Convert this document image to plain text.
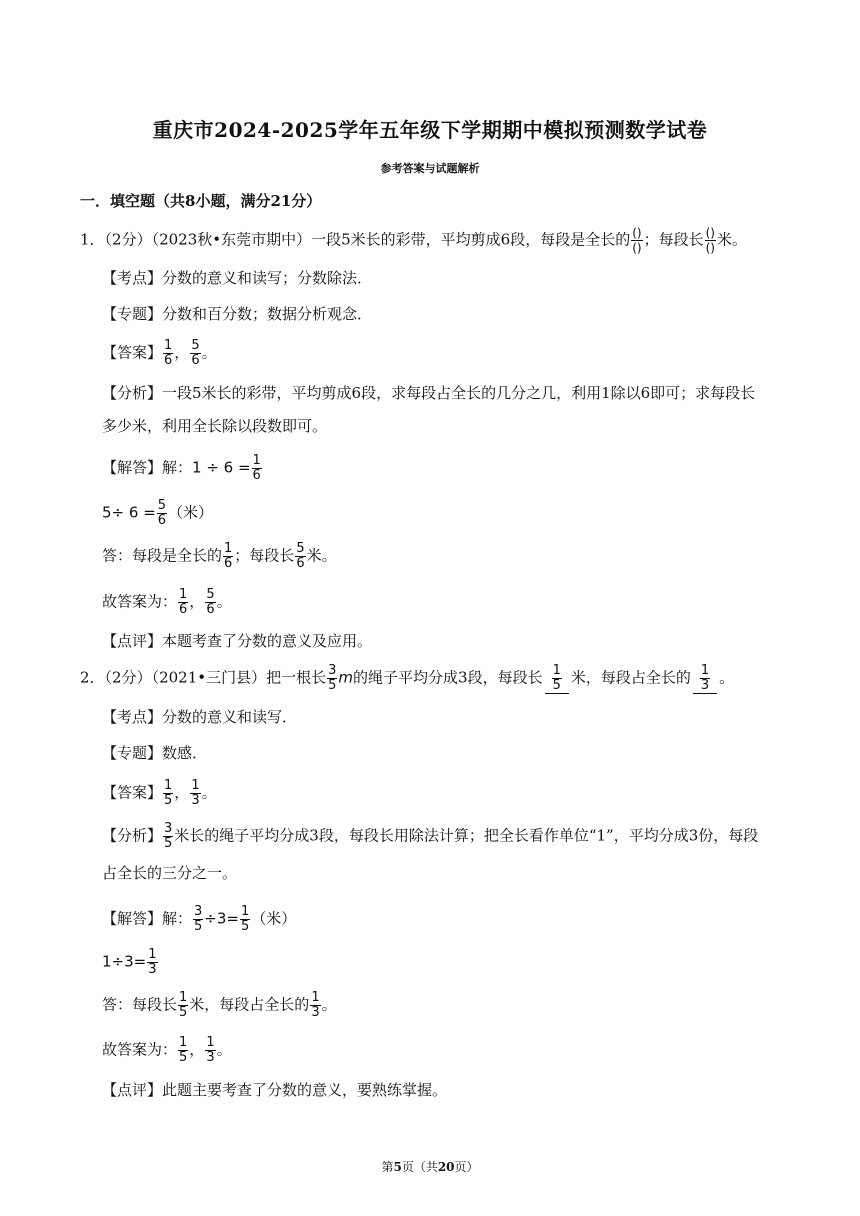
重庆市2024-2025学年五年级下学期期中模拟预测数学试卷
参考答案与试题解析
一．填空题（共8小题，满分21分）
1．（2分）（2023秋•东莞市期中）一段5米长的彩带，平均剪成6段，每段是全长的 $\frac{()}{()}$ ；每段长 $\frac{()}{()}$ 米。
【考点】分数的意义和读写；分数除法．
【专题】分数和百分数；数据分析观念．
【答案】 $\frac{1}{6}$ ， $\frac{5}{6}$ 。
【分析】一段5米长的彩带，平均剪成6段，求每段占全长的几分之几，利用1除以6即可；求每段长
多少米，利用全长除以段数即可。
【解答】解：$1 \div 6 = \frac{1}{6}$
$5\div 6 = \frac{5}{6}$ （米）
答：每段是全长的 $\frac{1}{6}$ ；每段长 $\frac{5}{6}$ 米。
故答案为： $\frac{1}{6}$ ， $\frac{5}{6}$ 。
【点评】本题考查了分数的意义及应用。
2．（2分）（2021•三门县）把一根长 $\frac{3}{5}$ m的绳子平均分成3段，每段长 $\frac{1}{5}$ 米，每段占全长的 $\frac{1}{3}$ 。
【考点】分数的意义和读写．
【专题】数感．
【答案】 $\frac{1}{5}$ ， $\frac{1}{3}$ 。
【分析】 $\frac{3}{5}$ 米长的绳子平均分成3段，每段长用除法计算；把全长看作单位“1”，平均分成3份，每段
占全长的三分之一。
【解答】解： $\frac{3}{5} \div 3= \frac{1}{5}$ （米）
$1\div 3= \frac{1}{3}$
答：每段长 $\frac{1}{5}$ 米，每段占全长的 $\frac{1}{3}$ 。
故答案为： $\frac{1}{5}$ ， $\frac{1}{3}$ 。
【点评】此题主要考查了分数的意义，要熟练掌握。
第5页（共20页）
